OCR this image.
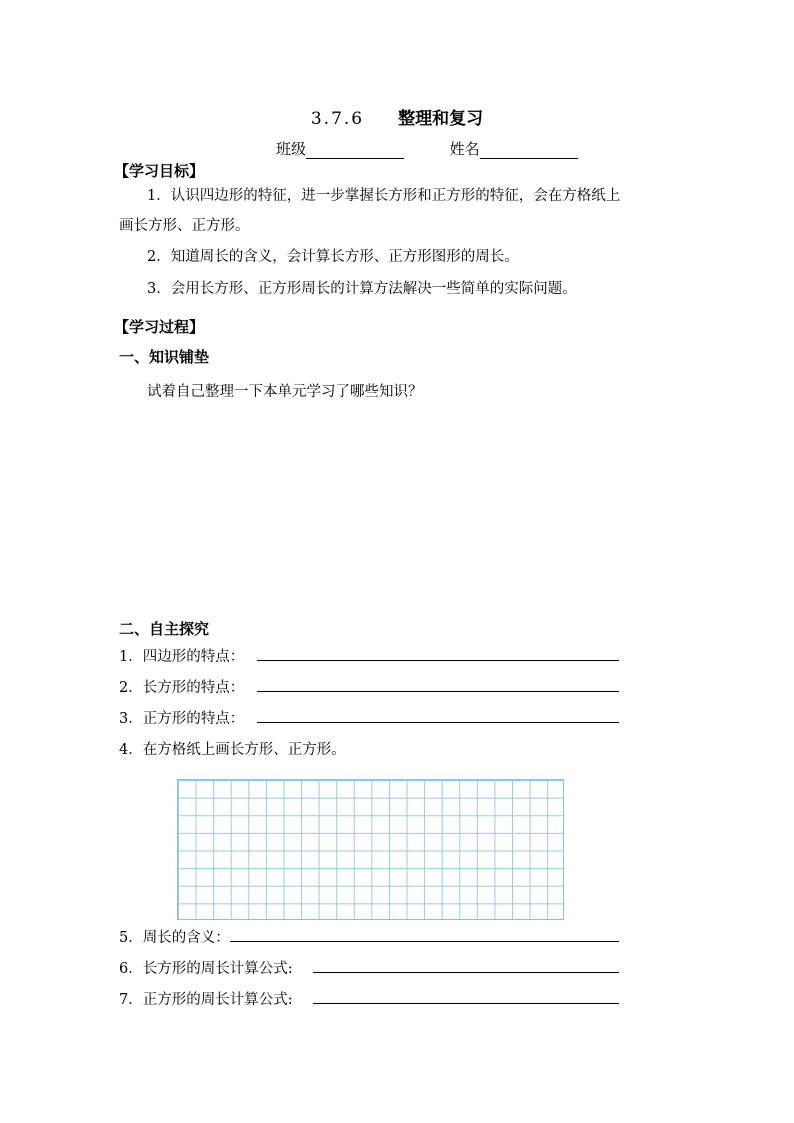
3.7.6 整理和复习
班级	姓名
【学习目标】
1．认识四边形的特征，进一步掌握长方形和正方形的特征，会在方格纸上
画长方形、正方形。
2．知道周长的含义，会计算长方形、正方形图形的周长。
3．会用长方形、正方形周长的计算方法解决一些简单的实际问题。
【学习过程】
一、知识铺垫
试着自己整理一下本单元学习了哪些知识？
二、自主探究
1．四边形的特点：
2．长方形的特点：
3．正方形的特点：
4．在方格纸上画长方形、正方形。
5．周长的含义：
6．长方形的周长计算公式:
7．正方形的周长计算公式:
